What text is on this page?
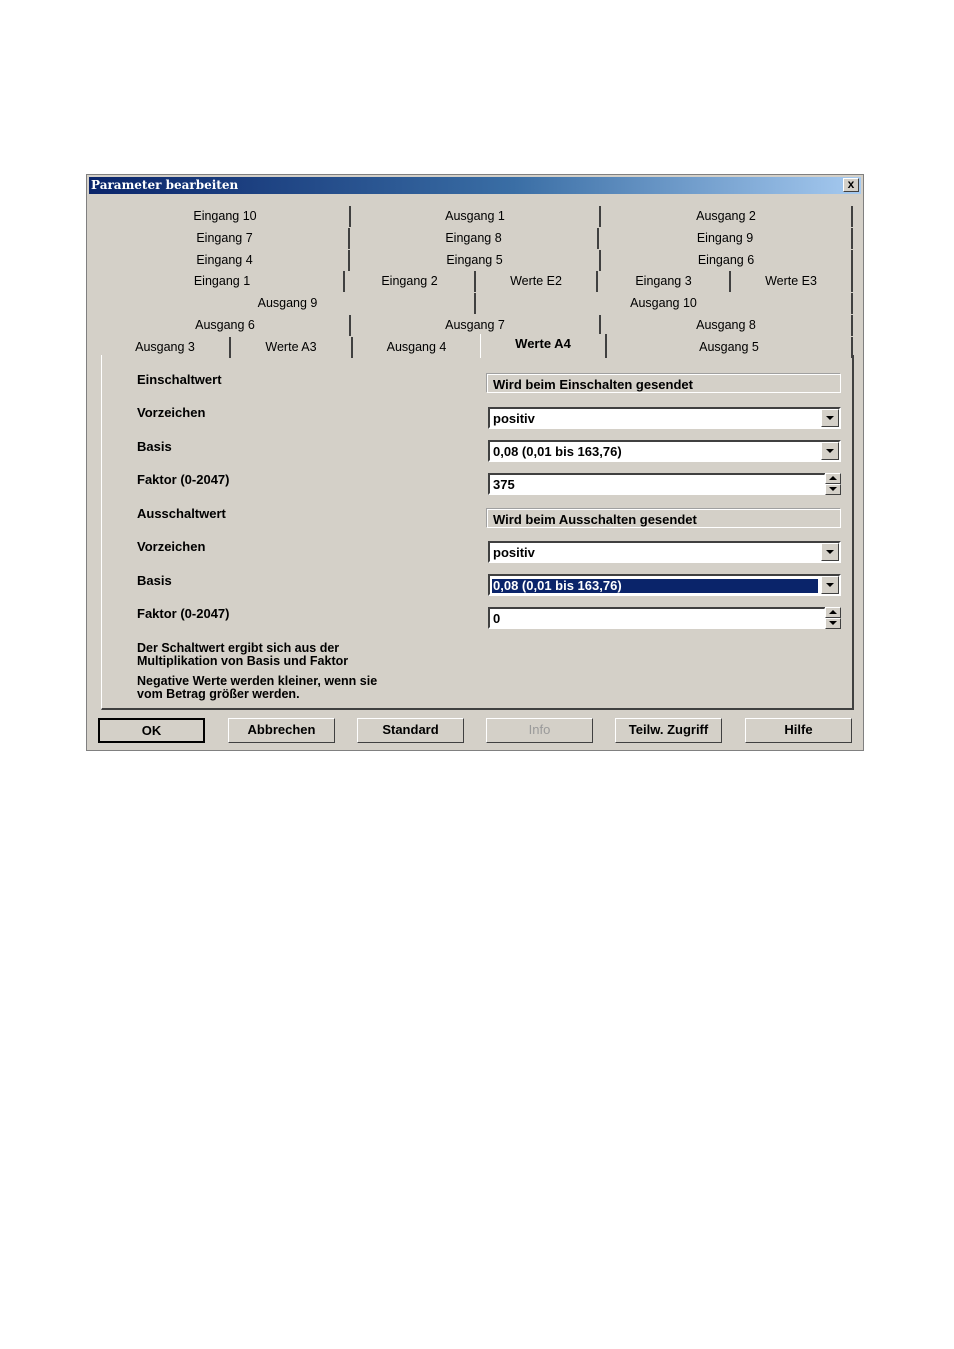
Parameter bearbeiten	x
Eingang 10	Ausgang 1	Ausgang 2
Eingang 7	Eingang 8	Eingang 9
Eingang 4	Eingang 5	Eingang 6
Eingang 1	Eingang 2	Werte E2	Eingang 3	Werte E3
Ausgang 9	Ausgang 10
Ausgang 6	Ausgang 7	Ausgang 8
Ausgang 3	Werte A3	Ausgang 4	Werte A4	Ausgang 5
Einschaltwert	Wird beim Einschalten gesendet
Vorzeichen	positiv
Basis	0,08 (0,01 bis 163,76)
Faktor (0-2047)	375
Ausschaltwert	Wird beim Ausschalten gesendet
Vorzeichen	positiv
Basis	0,08 (0,01 bis 163,76)
Faktor (0-2047)	0
Der Schaltwert ergibt sich aus der
Multiplikation von Basis und Faktor
Negative Werte werden kleiner, wenn sie
vom Betrag größer werden.
OK	Abbrechen	Standard	Info	Teilw. Zugriff	Hilfe
